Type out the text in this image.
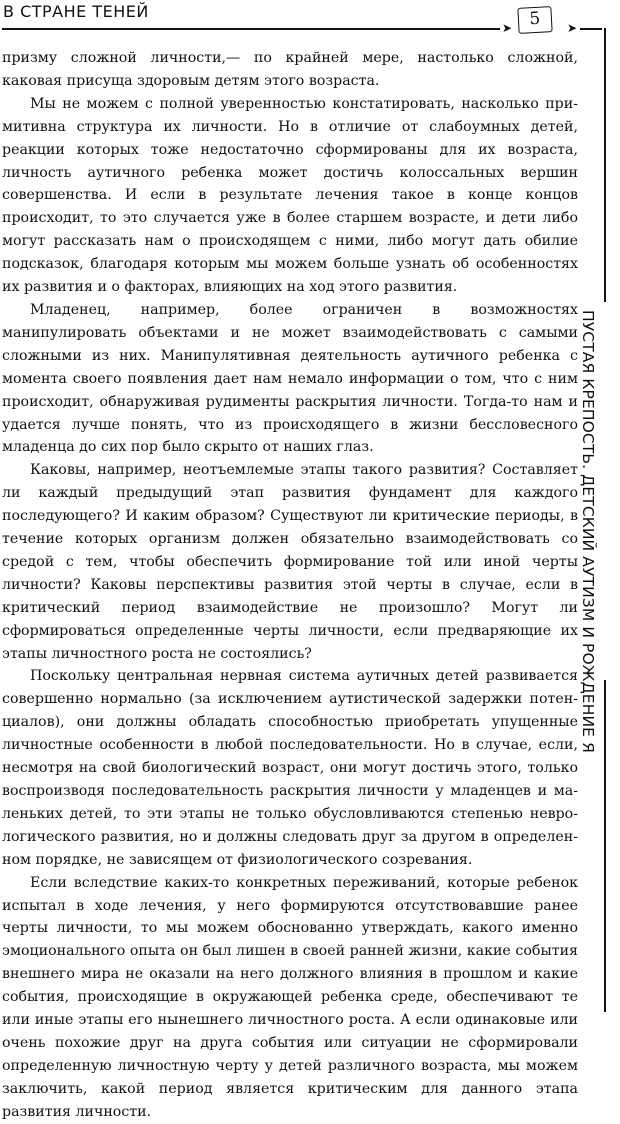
В СТРАНЕ ТЕНЕЙ
➤ 5	➤
ПУСТАЯ КРЕПОСТЬ. ДЕТСКИЙ АУТИЗМ И РОЖДЕНИЕ Я

призму сложной личности,— по крайней мере, настолько сложной, каковая присуща здоровым детям этого возраста.

Мы не можем с полной уверенностью констатировать, насколько примитивна структура их личности. Но в отличие от слабоумных детей, реакции которых тоже недостаточно сформированы для их возраста, личность аутичного ребенка может достичь колоссальных вершин совершенства. И если в результате лечения такое в конце концов происходит, то это случается уже в более старшем возрасте, и дети либо могут рассказать нам о происходящем с ними, либо могут дать обилие подсказок, благодаря которым мы можем больше узнать об особенностях их развития и о факторах, влияющих на ход этого развития.

Младенец, например, более ограничен в возможностях манипулировать объектами и не может взаимодействовать с самыми сложными из них. Манипулятивная деятельность аутичного ребенка с момента своего появления дает нам немало информации о том, что с ним происходит, обнаруживая рудименты раскрытия личности. Тогда-то нам и удается лучше понять, что из происходящего в жизни бессловесного младенца до сих пор было скрыто от наших глаз.

Каковы, например, неотъемлемые этапы такого развития? Составляет ли каждый предыдущий этап развития фундамент для каждого последующего? И каким образом? Существуют ли критические периоды, в течение которых организм должен обязательно взаимодействовать со средой с тем, чтобы обеспечить формирование той или иной черты личности? Каковы перспективы развития этой черты в случае, если в критический период взаимодействие не произошло? Могут ли сформироваться определенные черты личности, если предваряющие их этапы личностного роста не состоялись?

Поскольку центральная нервная система аутичных детей развивается совершенно нормально (за исключением аутистической задержки потенциалов), они должны обладать способностью приобретать упущенные личностные особенности в любой последовательности. Но в случае, если, несмотря на свой биологический возраст, они могут достичь этого, только воспроизводя последовательность раскрытия личности у младенцев и маленьких детей, то эти этапы не только обусловливаются степенью неврологического развития, но и должны следовать друг за другом в определенном порядке, не зависящем от физиологического созревания.

Если вследствие каких-то конкретных переживаний, которые ребенок испытал в ходе лечения, у него формируются отсутствовавшие ранее черты личности, то мы можем обоснованно утверждать, какого именно эмоционального опыта он был лишен в своей ранней жизни, какие события внешнего мира не оказали на него должного влияния в прошлом и какие события, происходящие в окружающей ребенка среде, обеспечивают те или иные этапы его нынешнего личностного роста. А если одинаковые или очень похожие друг на друга события или ситуации не сформировали определенную личностную черту у детей различного возраста, мы можем заключить, какой период является критическим для данного этапа развития личности.
